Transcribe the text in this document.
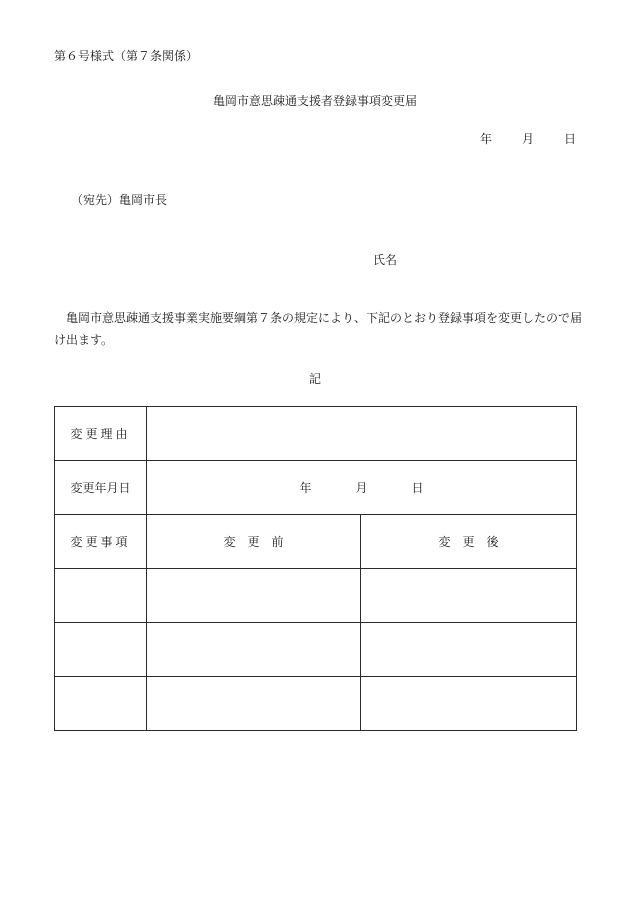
第６号様式（第７条関係）
亀岡市意思疎通支援者登録事項変更届
年	月	日
（宛先）亀岡市長
氏名
亀岡市意思疎通支援事業実施要綱第７条の規定により、下記のとおり登録事項を変更したので届け出ます。
記
変更理由		
変更年月日	年 月 日	
変更事項	変　更　前	変　更　後
